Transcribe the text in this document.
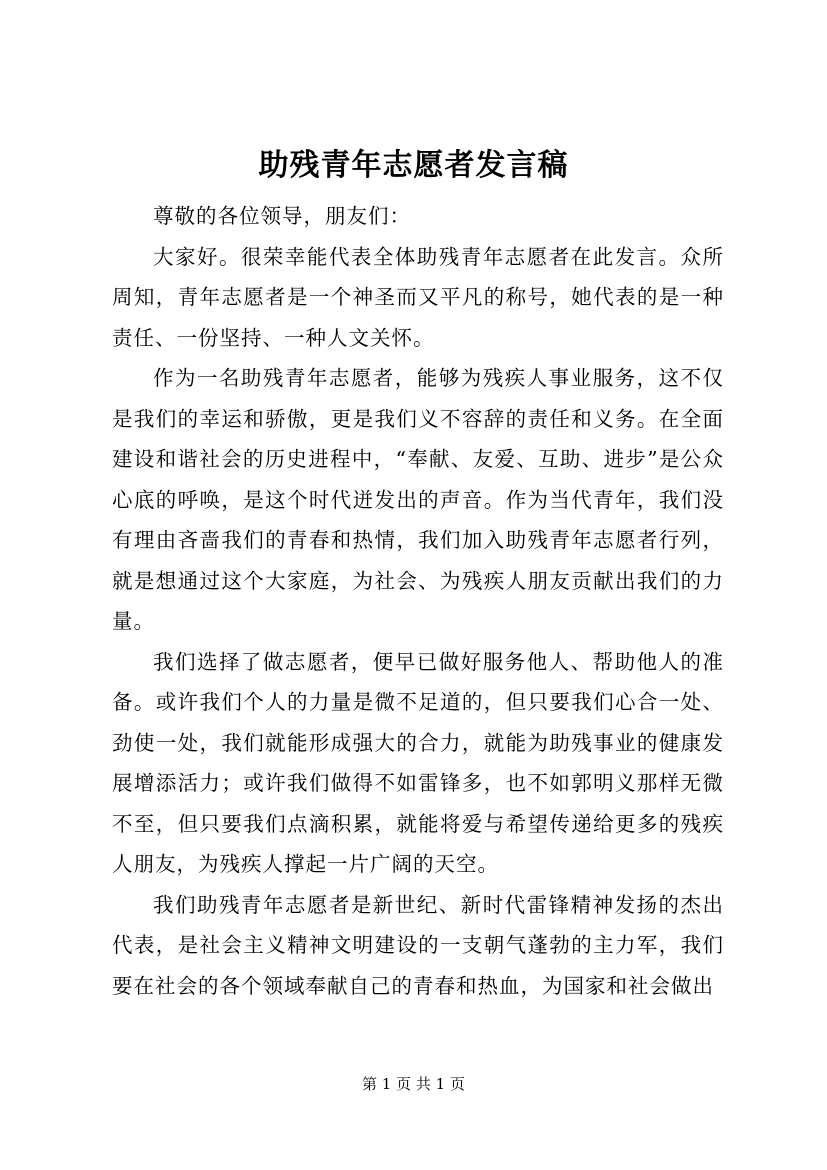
助残青年志愿者发言稿

尊敬的各位领导，朋友们：

大家好。很荣幸能代表全体助残青年志愿者在此发言。众所周知，青年志愿者是一个神圣而又平凡的称号，她代表的是一种责任、一份坚持、一种人文关怀。

作为一名助残青年志愿者，能够为残疾人事业服务，这不仅是我们的幸运和骄傲，更是我们义不容辞的责任和义务。在全面建设和谐社会的历史进程中，“奉献、友爱、互助、进步”是公众心底的呼唤，是这个时代迸发出的声音。作为当代青年，我们没有理由吝啬我们的青春和热情，我们加入助残青年志愿者行列，就是想通过这个大家庭，为社会、为残疾人朋友贡献出我们的力量。

我们选择了做志愿者，便早已做好服务他人、帮助他人的准备。或许我们个人的力量是微不足道的，但只要我们心合一处、劲使一处，我们就能形成强大的合力，就能为助残事业的健康发展增添活力；或许我们做得不如雷锋多，也不如郭明义那样无微不至，但只要我们点滴积累，就能将爱与希望传递给更多的残疾人朋友，为残疾人撑起一片广阔的天空。

我们助残青年志愿者是新世纪、新时代雷锋精神发扬的杰出代表，是社会主义精神文明建设的一支朝气蓬勃的主力军，我们要在社会的各个领域奉献自己的青春和热血，为国家和社会做出

第 1 页 共 1 页
